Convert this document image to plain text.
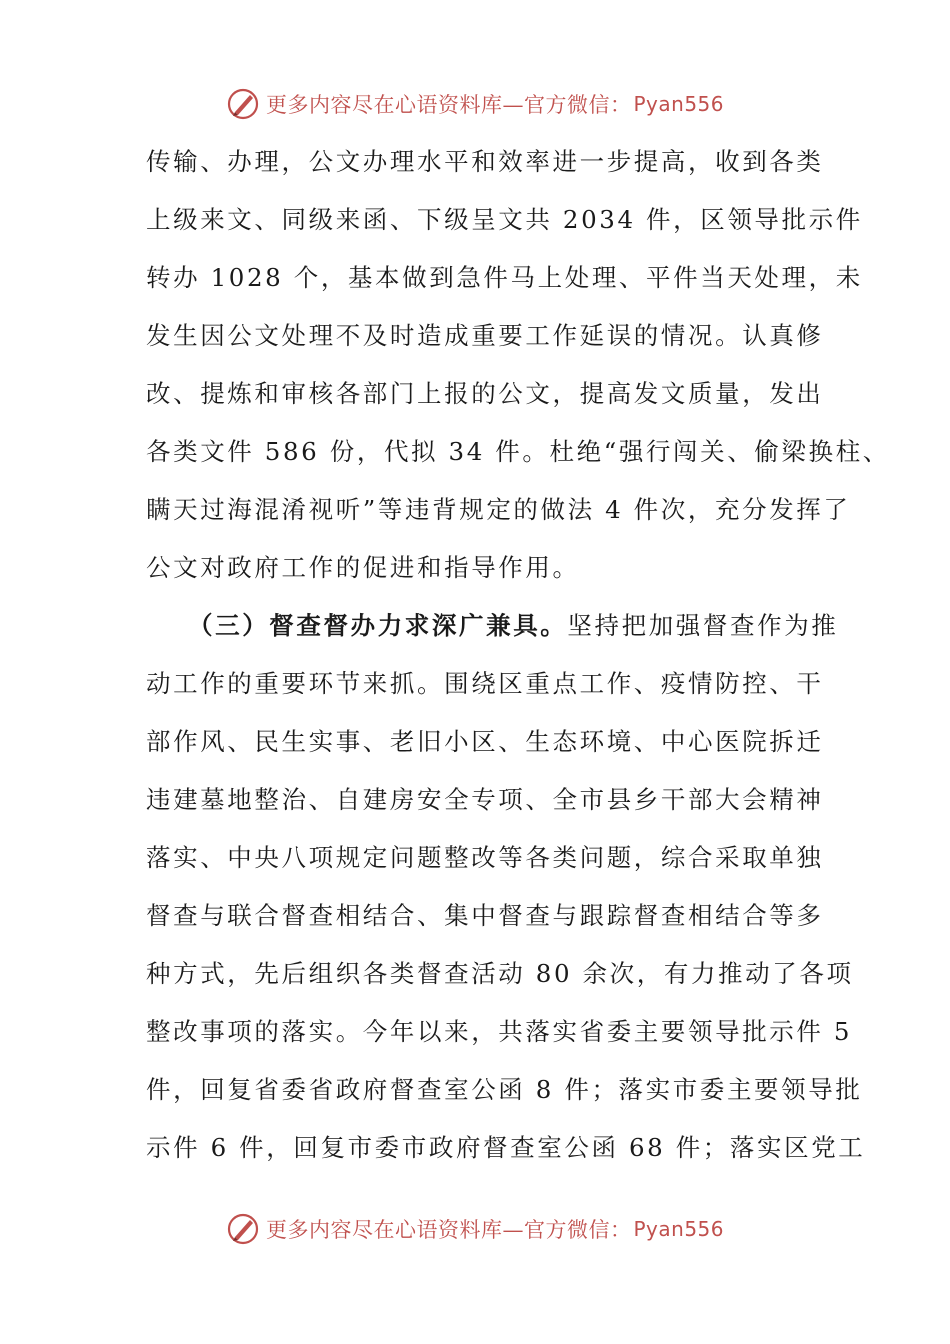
更多内容尽在心语资料库—官方微信： Pyan556
传输、办理，公文办理水平和效率进一步提高，收到各类
上级来文、同级来函、下级呈文共 2034 件，区领导批示件
转办 1028 个，基本做到急件马上处理、平件当天处理，未
发生因公文处理不及时造成重要工作延误的情况。认真修
改、提炼和审核各部门上报的公文，提高发文质量，发出
各类文件 586 份，代拟 34 件。杜绝“强行闯关、偷梁换柱、
瞒天过海混淆视听”等违背规定的做法 4 件次，充分发挥了
公文对政府工作的促进和指导作用。
（三）督查督办力求深广兼具。坚持把加强督查作为推
动工作的重要环节来抓。围绕区重点工作、疫情防控、干
部作风、民生实事、老旧小区、生态环境、中心医院拆迁
违建墓地整治、自建房安全专项、全市县乡干部大会精神
落实、中央八项规定问题整改等各类问题，综合采取单独
督查与联合督查相结合、集中督查与跟踪督查相结合等多
种方式，先后组织各类督查活动 80 余次，有力推动了各项
整改事项的落实。今年以来，共落实省委主要领导批示件 5
件，回复省委省政府督查室公函 8 件；落实市委主要领导批
示件 6 件，回复市委市政府督查室公函 68 件；落实区党工
更多内容尽在心语资料库—官方微信： Pyan556
